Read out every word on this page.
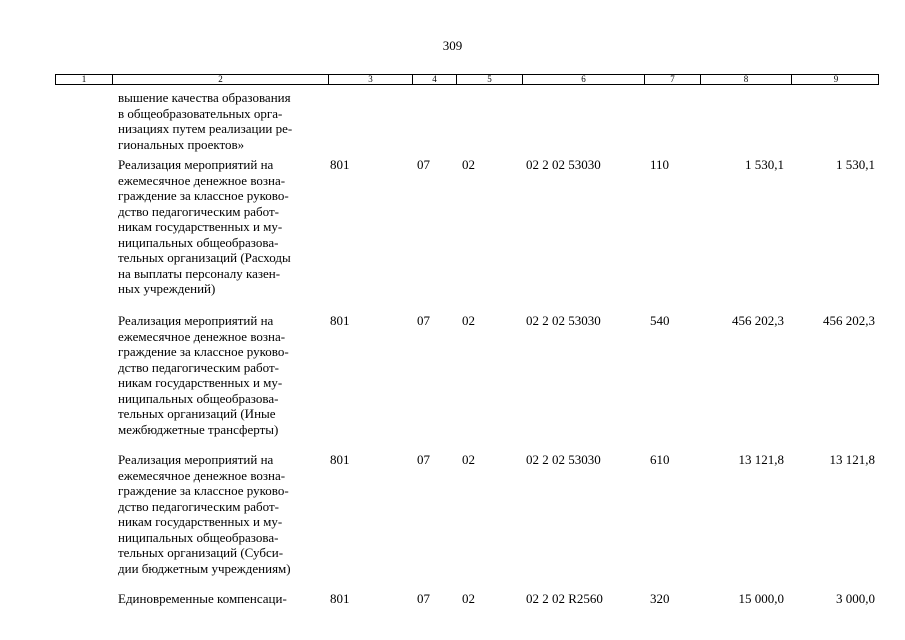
309
1	2	3	4	5	6	7	8	9
вышение качества образования
в общеобразовательных орга-
низациях путем реализации ре-
гиональных проектов»
Реализация мероприятий на
ежемесячное денежное возна-
граждение за классное руково-
дство педагогическим работ-
никам государственных и му-
ниципальных общеобразова-
тельных организаций (Расходы
на выплаты персоналу казен-
ных учреждений)
801	07 02	02 2 02 53030	110	1 530,1	1 530,1
Реализация мероприятий на
ежемесячное денежное возна-
граждение за классное руково-
дство педагогическим работ-
никам государственных и му-
ниципальных общеобразова-
тельных организаций (Иные
межбюджетные трансферты)
801	07 02	02 2 02 53030	540	456 202,3	456 202,3
Реализация мероприятий на
ежемесячное денежное возна-
граждение за классное руково-
дство педагогическим работ-
никам государственных и му-
ниципальных общеобразова-
тельных организаций (Субси-
дии бюджетным учреждениям)
801	07 02	02 2 02 53030	610	13 121,8	13 121,8
Единовременные компенсаци-	801	07 02	02 2 02 R2560	320	15 000,0	3 000,0
